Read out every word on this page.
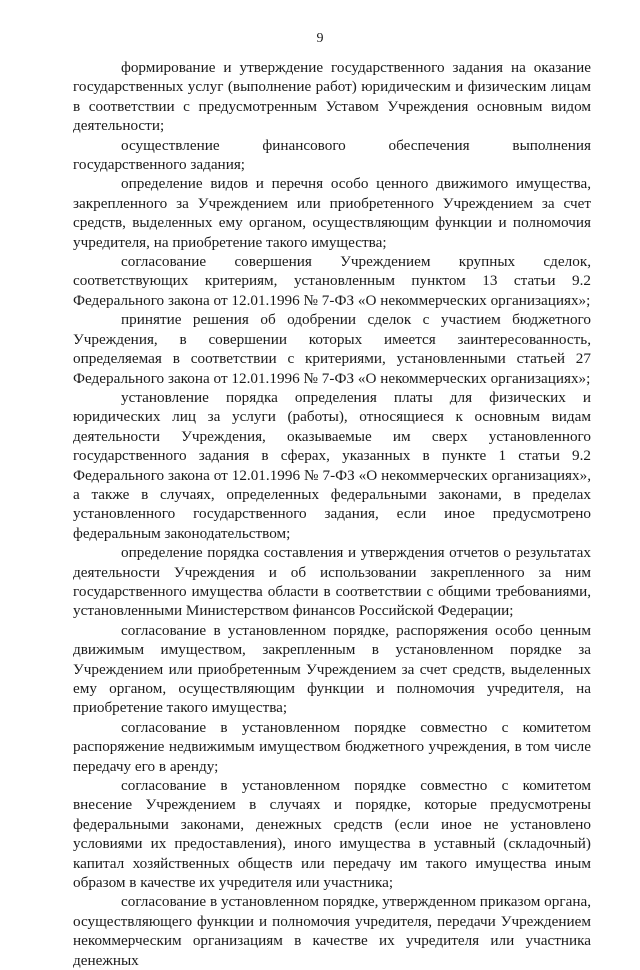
9

формирование и утверждение государственного задания на оказание государственных услуг (выполнение работ) юридическим и физическим лицам в соответствии с предусмотренным Уставом Учреждения основным видом деятельности;

осуществление финансового обеспечения выполнения государственного задания;

определение видов и перечня особо ценного движимого имущества, закрепленного за Учреждением или приобретенного Учреждением за счет средств, выделенных ему органом, осуществляющим функции и полномочия учредителя, на приобретение такого имущества;

согласование совершения Учреждением крупных сделок, соответствующих критериям, установленным пунктом 13 статьи 9.2 Федерального закона от 12.01.1996 № 7-ФЗ «О некоммерческих организациях»;

принятие решения об одобрении сделок с участием бюджетного Учреждения, в совершении которых имеется заинтересованность, определяемая в соответствии с критериями, установленными статьей 27 Федерального закона от 12.01.1996 № 7-ФЗ «О некоммерческих организациях»;

установление порядка определения платы для физических и юридических лиц за услуги (работы), относящиеся к основным видам деятельности Учреждения, оказываемые им сверх установленного государственного задания в сферах, указанных в пункте 1 статьи 9.2 Федерального закона от 12.01.1996 № 7-ФЗ «О некоммерческих организациях», а также в случаях, определенных федеральными законами, в пределах установленного государственного задания, если иное предусмотрено федеральным законодательством;

определение порядка составления и утверждения отчетов о результатах деятельности Учреждения и об использовании закрепленного за ним государственного имущества области в соответствии с общими требованиями, установленными Министерством финансов Российской Федерации;

согласование в установленном порядке, распоряжения особо ценным движимым имуществом, закрепленным в установленном порядке за Учреждением или приобретенным Учреждением за счет средств, выделенных ему органом, осуществляющим функции и полномочия учредителя, на приобретение такого имущества;

согласование в установленном порядке совместно с комитетом распоряжение недвижимым имуществом бюджетного учреждения, в том числе передачу его в аренду;

согласование в установленном порядке совместно с комитетом внесение Учреждением в случаях и порядке, которые предусмотрены федеральными законами, денежных средств (если иное не установлено условиями их предоставления), иного имущества в уставный (складочный) капитал хозяйственных обществ или передачу им такого имущества иным образом в качестве их учредителя или участника;

согласование в установленном порядке, утвержденном приказом органа, осуществляющего функции и полномочия учредителя, передачи Учреждением некоммерческим организациям в качестве их учредителя или участника денежных
